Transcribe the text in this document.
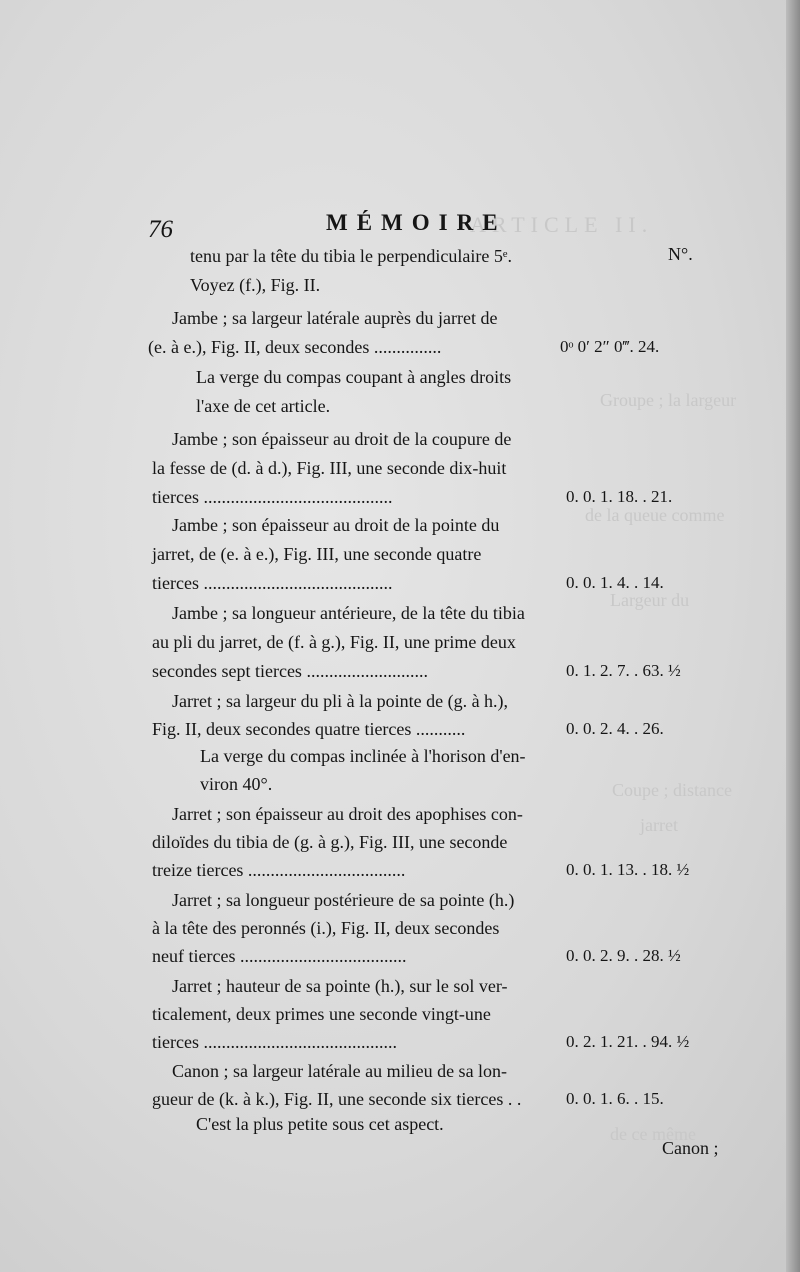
ARTICLE II.
Groupe ; la largeur
de la queue comme
Largeur du
Coupe ; distance
jarret
de ce même
76	MÉMOIRE
N°.
tenu par la tête du tibia le perpendiculaire 5ᵉ.
Voyez (f.), Fig. II.
Jambe ; sa largeur latérale auprès du jarret de
(e. à e.), Fig. II, deux secondes ...............
La verge du compas coupant à angles droits
l'axe de cet article.
Jambe ; son épaisseur au droit de la coupure de
la fesse de (d. à d.), Fig. III, une seconde dix-huit
tierces ..........................................
Jambe ; son épaisseur au droit de la pointe du
jarret, de (e. à e.), Fig. III, une seconde quatre
tierces ..........................................
Jambe ; sa longueur antérieure, de la tête du tibia
au pli du jarret, de (f. à g.), Fig. II, une prime deux
secondes sept tierces ...........................
Jarret ; sa largeur du pli à la pointe de (g. à h.),
Fig. II, deux secondes quatre tierces ...........
La verge du compas inclinée à l'horison d'en-
viron 40°.
Jarret ; son épaisseur au droit des apophises con-
diloïdes du tibia de (g. à g.), Fig. III, une seconde
treize tierces ...................................
Jarret ; sa longueur postérieure de sa pointe (h.)
à la tête des peronnés (i.), Fig. II, deux secondes
neuf tierces .....................................
Jarret ; hauteur de sa pointe (h.), sur le sol ver-
ticalement, deux primes une seconde vingt-une
tierces ...........................................
Canon ; sa largeur latérale au milieu de sa lon-
gueur de (k. à k.), Fig. II, une seconde six tierces . .
C'est la plus petite sous cet aspect.
0ᵒ 0′ 2″ 0‴. 24.
0. 0. 1. 18. . 21.
0. 0. 1. 4. . 14.
0. 1. 2. 7. . 63. ½
0. 0. 2. 4. . 26.
0. 0. 1. 13. . 18. ½
0. 0. 2. 9. . 28. ½
0. 2. 1. 21. . 94. ½
0. 0. 1. 6. . 15.
Canon ;
